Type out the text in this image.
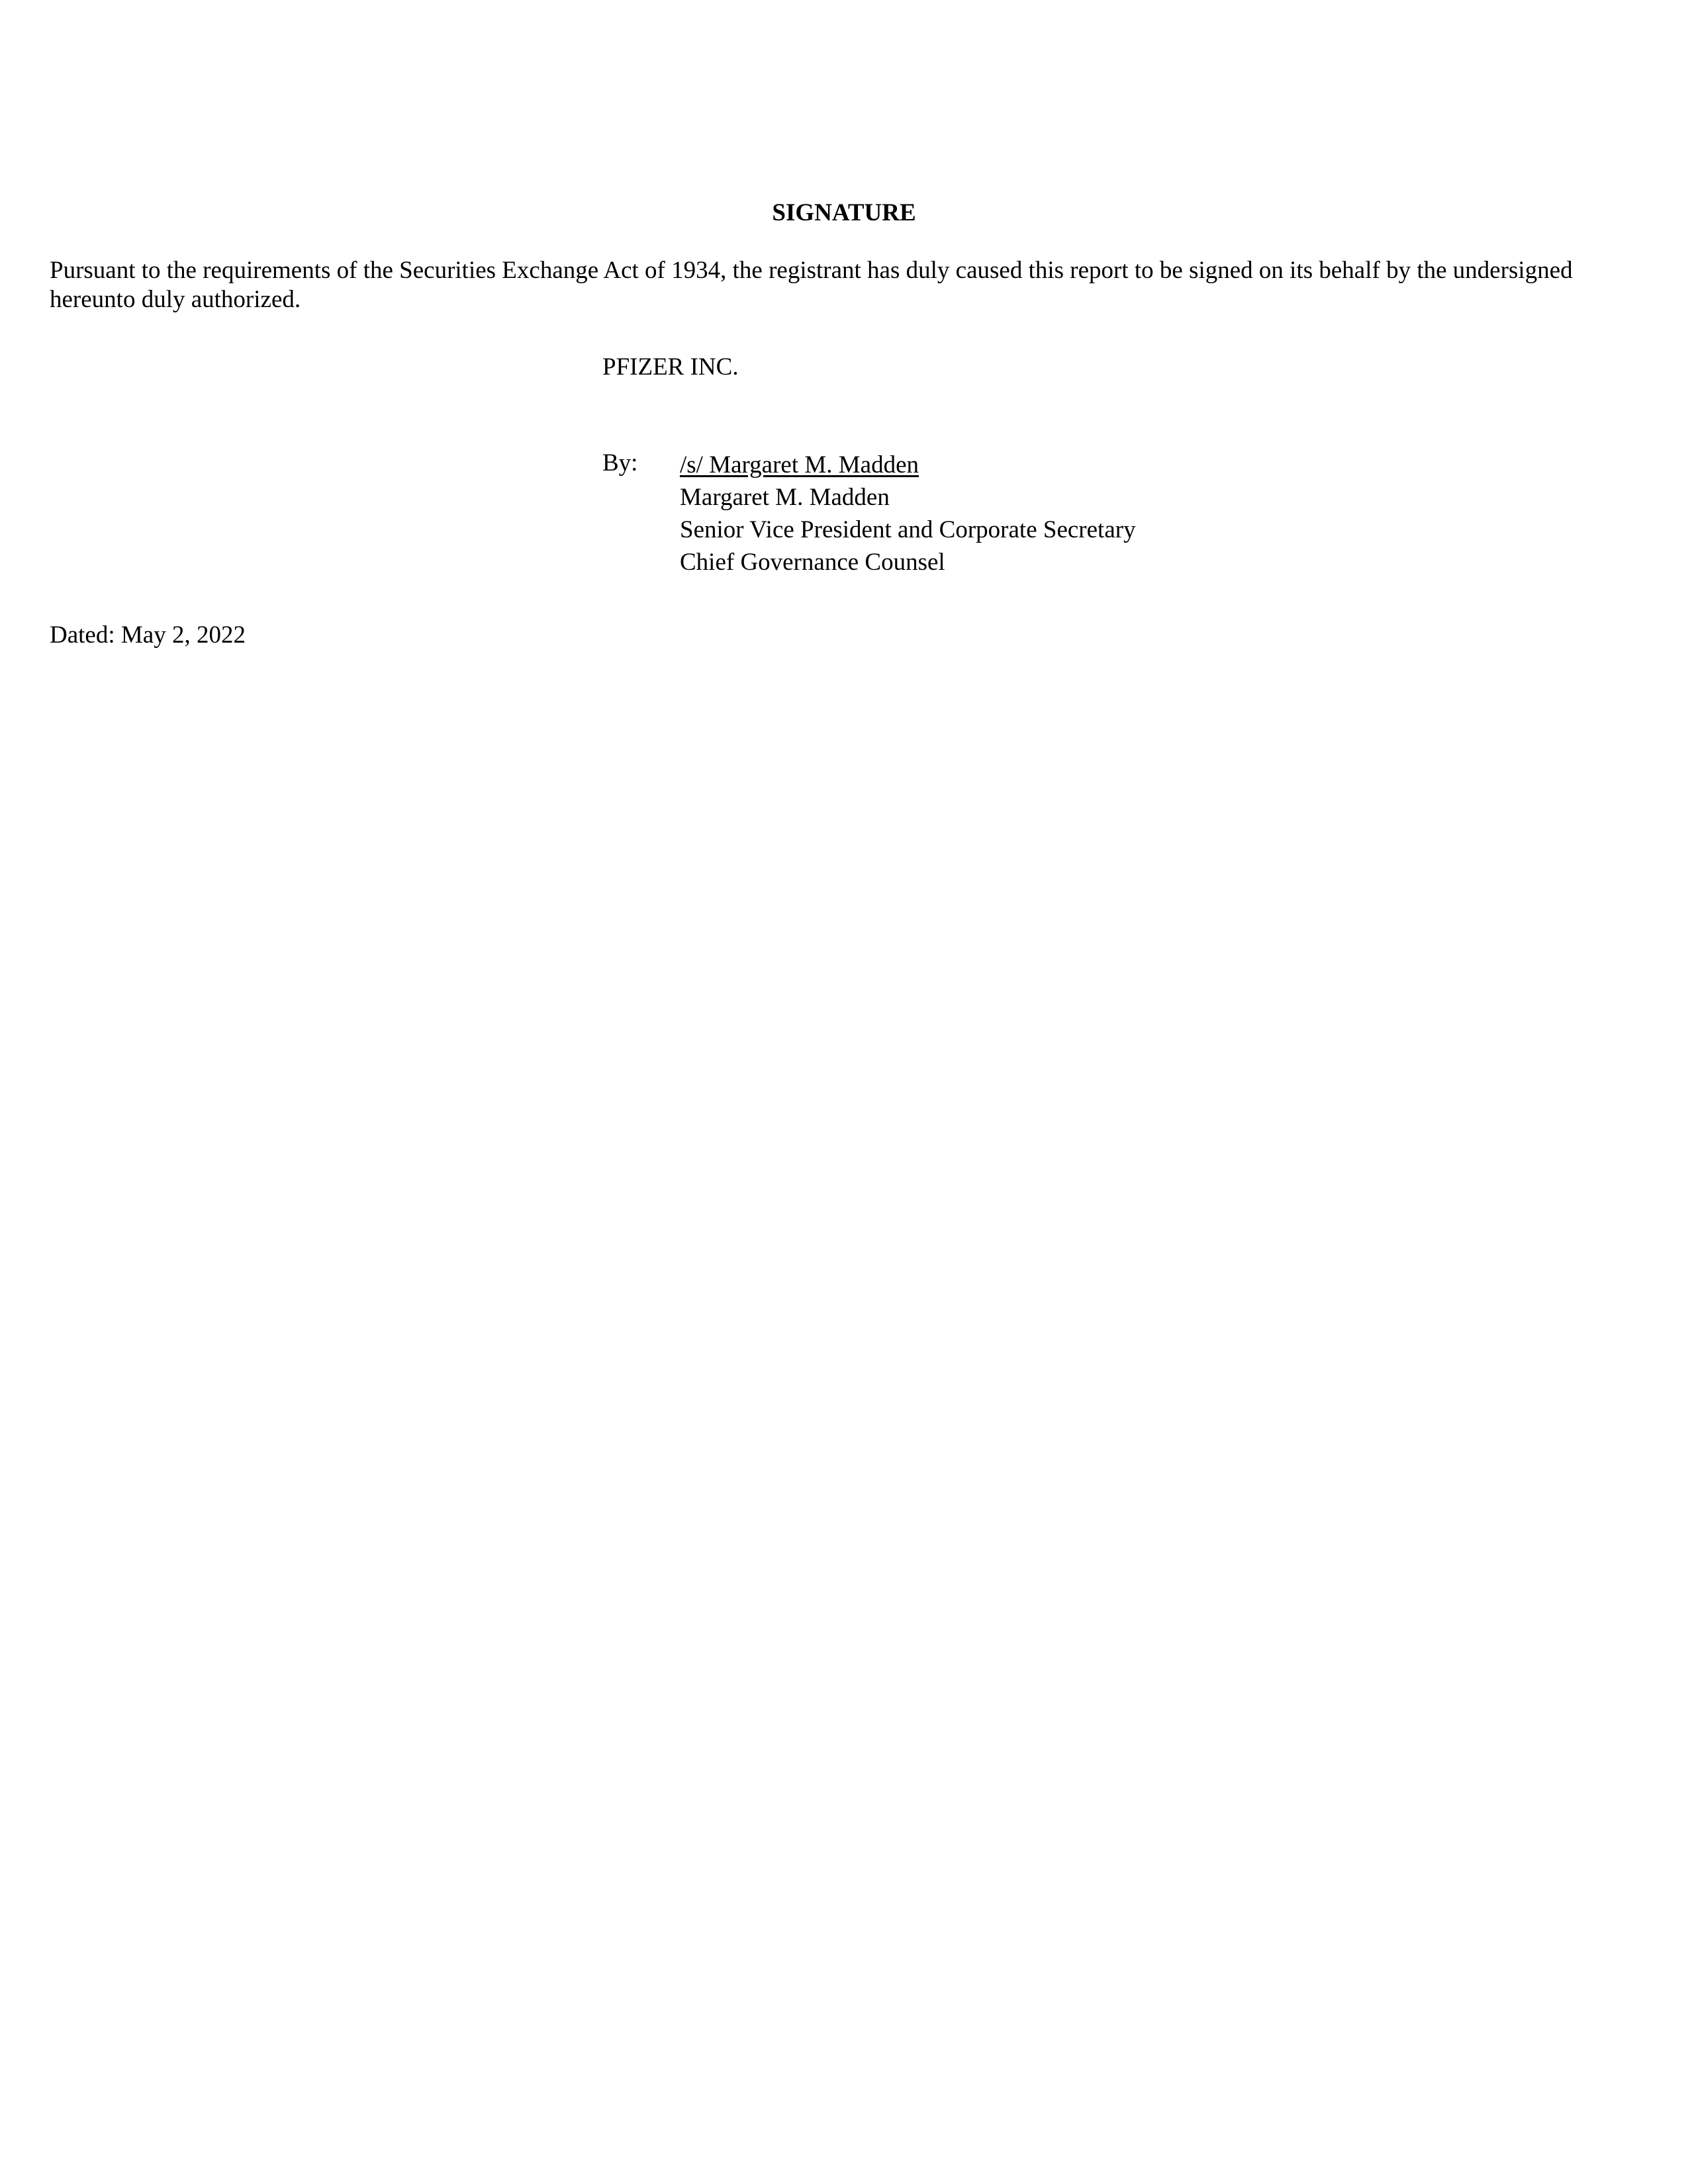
SIGNATURE
Pursuant to the requirements of the Securities Exchange Act of 1934, the registrant has duly caused this report to be signed on its behalf by the undersigned hereunto duly authorized.
PFIZER INC.
By: /s/ Margaret M. Madden
Margaret M. Madden
Senior Vice President and Corporate Secretary
Chief Governance Counsel
Dated: May 2, 2022
